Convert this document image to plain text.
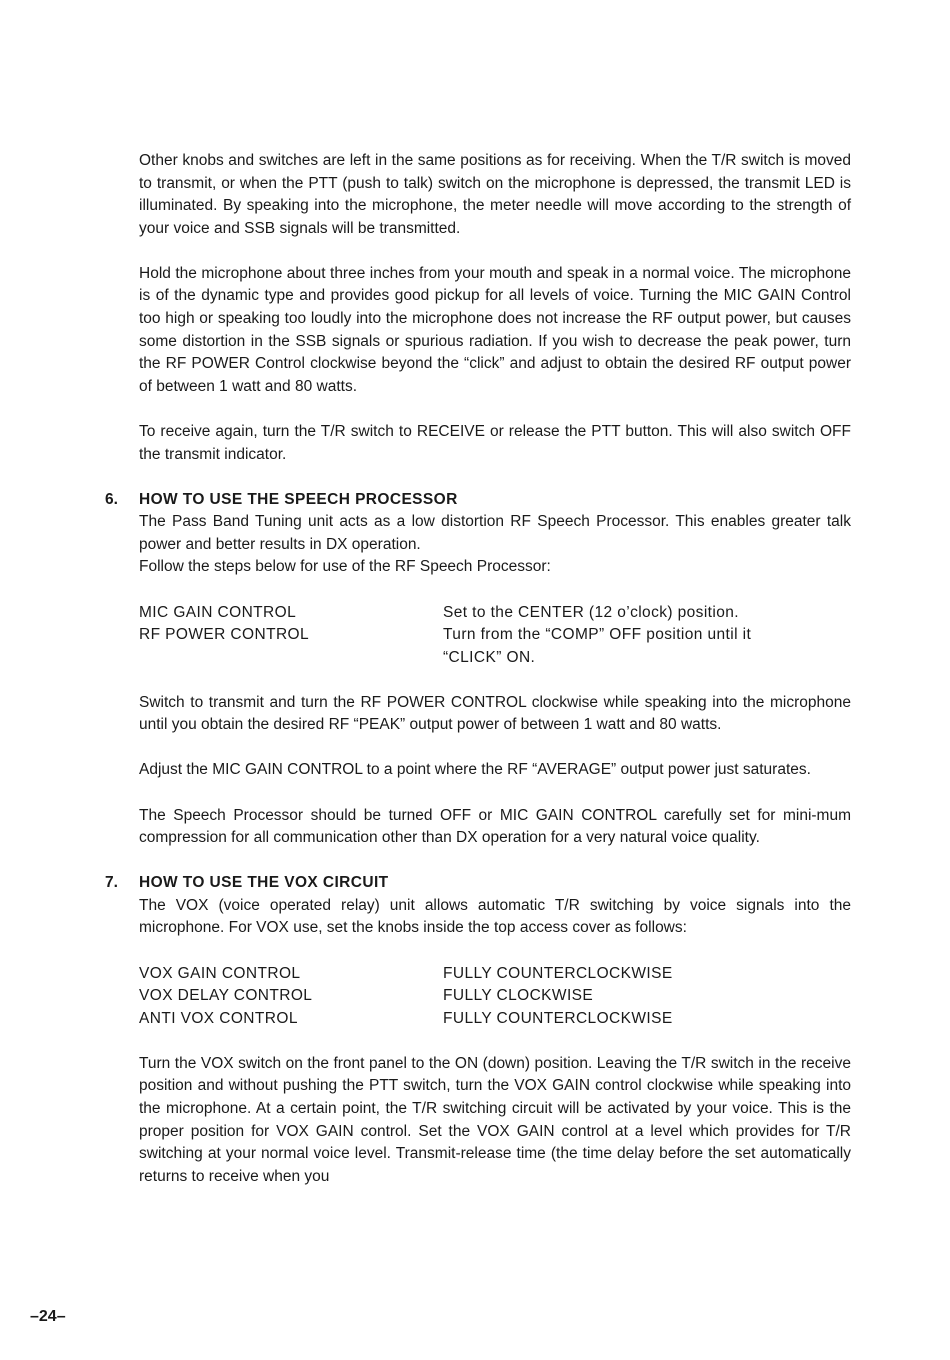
Other knobs and switches are left in the same positions as for receiving. When the T/R switch is moved to transmit, or when the PTT (push to talk) switch on the microphone is depressed, the transmit LED is illuminated. By speaking into the microphone, the meter needle will move according to the strength of your voice and SSB signals will be transmitted.

Hold the microphone about three inches from your mouth and speak in a normal voice. The microphone is of the dynamic type and provides good pickup for all levels of voice. Turning the MIC GAIN Control too high or speaking too loudly into the microphone does not increase the RF output power, but causes some distortion in the SSB signals or spurious radiation. If you wish to decrease the peak power, turn the RF POWER Control clockwise beyond the “click” and adjust to obtain the desired RF output power of between 1 watt and 80 watts.

To receive again, turn the T/R switch to RECEIVE or release the PTT button. This will also switch OFF the transmit indicator.

6. HOW TO USE THE SPEECH PROCESSOR
The Pass Band Tuning unit acts as a low distortion RF Speech Processor. This enables greater talk power and better results in DX operation.

Follow the steps below for use of the RF Speech Processor:

MIC GAIN CONTROL	Set to the CENTER (12 o’clock) position.
RF POWER CONTROL	Turn from the “COMP” OFF position until it
“CLICK” ON.

Switch to transmit and turn the RF POWER CONTROL clockwise while speaking into the microphone until you obtain the desired RF “PEAK” output power of between 1 watt and 80 watts.

Adjust the MIC GAIN CONTROL to a point where the RF “AVERAGE” output power just saturates.

The Speech Processor should be turned OFF or MIC GAIN CONTROL carefully set for mini-mum compression for all communication other than DX operation for a very natural voice quality.

7. HOW TO USE THE VOX CIRCUIT

The VOX (voice operated relay) unit allows automatic T/R switching by voice signals into the microphone. For VOX use, set the knobs inside the top access cover as follows:

VOX GAIN CONTROL	FULLY COUNTERCLOCKWISE
VOX DELAY CONTROL	FULLY CLOCKWISE
ANTI VOX CONTROL	FULLY COUNTERCLOCKWISE

Turn the VOX switch on the front panel to the ON (down) position. Leaving the T/R switch in the receive position and without pushing the PTT switch, turn the VOX GAIN control clockwise while speaking into the microphone. At a certain point, the T/R switching circuit will be activated by your voice. This is the proper position for VOX GAIN control. Set the VOX GAIN control at a level which provides for T/R switching at your normal voice level. Transmit-release time (the time delay before the set automatically returns to receive when you

–24–
